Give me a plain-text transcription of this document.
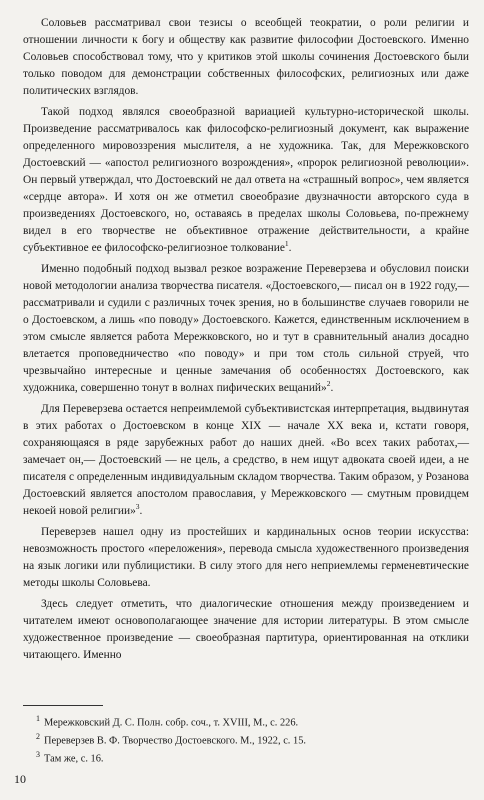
Соловьев рассматривал свои тезисы о всеобщей теократии, о роли религии и отношении личности к богу и обществу как развитие философии Достоевского. Именно Соловьев способствовал тому, что у критиков этой школы сочинения Достоевского были только поводом для демонстрации собственных философских, религиозных или даже политических взглядов.

Такой подход являлся своеобразной вариацией культурно-исторической школы. Произведение рассматривалось как философско-религиозный документ, как выражение определенного мировоззрения мыслителя, а не художника. Так, для Мережковского Достоевский — «апостол религиозного возрождения», «пророк религиозной революции». Он первый утверждал, что Достоевский не дал ответа на «страшный вопрос», чем является «сердце автора». И хотя он же отметил своеобразие двузначности авторского суда в произведениях Достоевского, но, оставаясь в пределах школы Соловьева, по-прежнему видел в его творчестве не объективное отражение действительности, а крайне субъективное ее философско-религиозное толкование$^1$.

Именно подобный подход вызвал резкое возражение Переверзева и обусловил поиски новой методологии анализа творчества писателя. «Достоевского,— писал он в 1922 году,— рассматривали и судили с различных точек зрения, но в большинстве случаев говорили не о Достоевском, а лишь «по поводу» Достоевского. Кажется, единственным исключением в этом смысле является работа Мережковского, но и тут в сравнительный анализ досадно влетается проповедничество «по поводу» и при том столь сильной струей, что чрезвычайно интересные и ценные замечания об особенностях Достоевского, как художника, совершенно тонут в волнах пифических вещаний»$^2$.

Для Переверзева остается непреимлемой субъективистская интерпретация, выдвинутая в этих работах о Достоевском в конце XIX — начале XX века и, кстати говоря, сохраняющаяся в ряде зарубежных работ до наших дней. «Во всех таких работах,— замечает он,— Достоевский — не цель, а средство, в нем ищут адвоката своей идеи, а не писателя с определенным индивидуальным складом творчества. Таким образом, у Розанова Достоевский является апостолом православия, у Мережковского — смутным провидцем некоей новой религии»$^3$.

Переверзев нашел одну из простейших и кардинальных основ теории искусства: невозможность простого «переложения», перевода смысла художественного произведения на язык логики или публицистики. В силу этого для него неприемлемы герменевтические методы школы Соловьева.

Здесь следует отметить, что диалогические отношения между произведением и читателем имеют основополагающее значение для истории литературы. В этом смысле художественное произведение — своеобразная партитура, ориентированная на отклики читающего. Именно

$^1$ Мережковский Д. С. Полн. собр. соч., т. XVIII, М., с. 226.
$^2$ Переверзев В. Ф. Творчество Достоевского. М., 1922, с. 15.
$^3$ Там же, с. 16.
10
